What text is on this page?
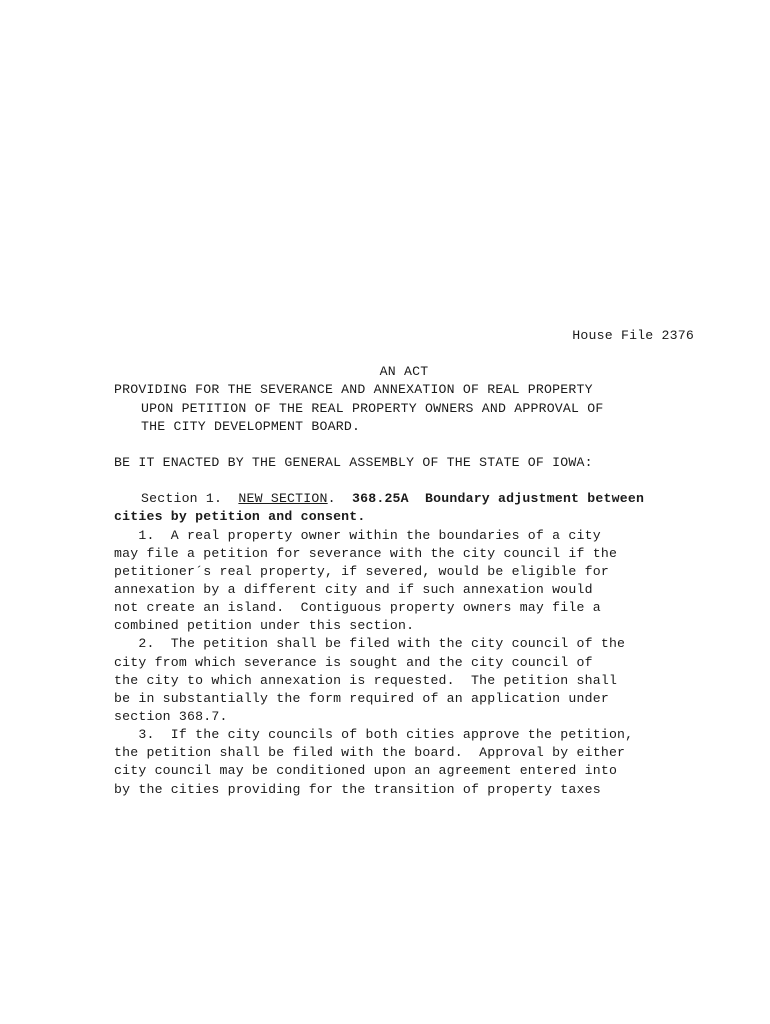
House File 2376
AN ACT
PROVIDING FOR THE SEVERANCE AND ANNEXATION OF REAL PROPERTY
UPON PETITION OF THE REAL PROPERTY OWNERS AND APPROVAL OF
THE CITY DEVELOPMENT BOARD.
BE IT ENACTED BY THE GENERAL ASSEMBLY OF THE STATE OF IOWA:
Section 1.  NEW SECTION.  368.25A  Boundary adjustment between
cities by petition and consent.
1.  A real property owner within the boundaries of a city
may file a petition for severance with the city council if the
petitioner´s real property, if severed, would be eligible for
annexation by a different city and if such annexation would
not create an island.  Contiguous property owners may file a
combined petition under this section.
2.  The petition shall be filed with the city council of the
city from which severance is sought and the city council of
the city to which annexation is requested.  The petition shall
be in substantially the form required of an application under
section 368.7.
3.  If the city councils of both cities approve the petition,
the petition shall be filed with the board.  Approval by either
city council may be conditioned upon an agreement entered into
by the cities providing for the transition of property taxes
